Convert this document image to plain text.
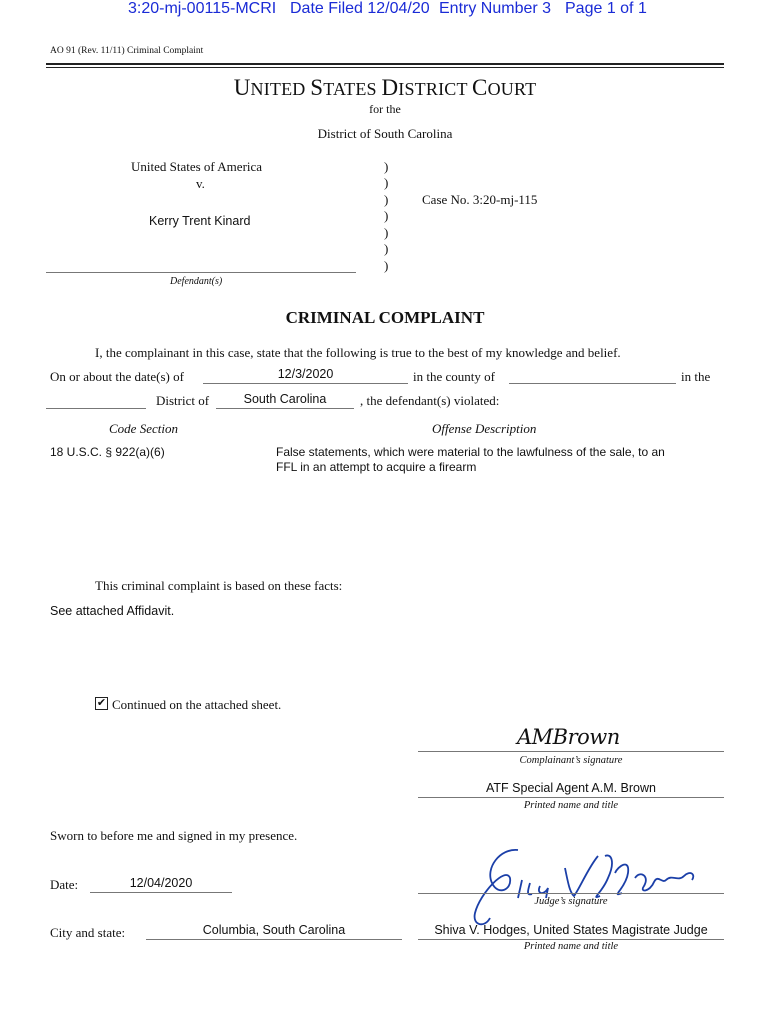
3:20-mj-00115-MCRI Date Filed 12/04/20 Entry Number 3 Page 1 of 1
AO 91 (Rev. 11/11) Criminal Complaint
UNITED STATES DISTRICT COURT
for the
District of South Carolina
United States of America
v.
Kerry Trent Kinard
Defendant(s)
)
)
)
)
)
)
)
Case No. 3:20-mj-115
CRIMINAL COMPLAINT
I, the complainant in this case, state that the following is true to the best of my knowledge and belief.
On or about the date(s) of	12/3/2020	in the county of	in the
District of	South Carolina	, the defendant(s) violated:
Code Section	Offense Description
18 U.S.C. § 922(a)(6)	False statements, which were material to the lawfulness of the sale, to an
FFL in an attempt to acquire a firearm
This criminal complaint is based on these facts:
See attached Affidavit.
✔ Continued on the attached sheet.
AMBrown
Complainant’s signature
ATF Special Agent A.M. Brown
Printed name and title
Sworn to before me and signed in my presence.
Date:	12/04/2020
Judge’s signature
City and state:	Columbia, South Carolina	Shiva V. Hodges, United States Magistrate Judge
Printed name and title
